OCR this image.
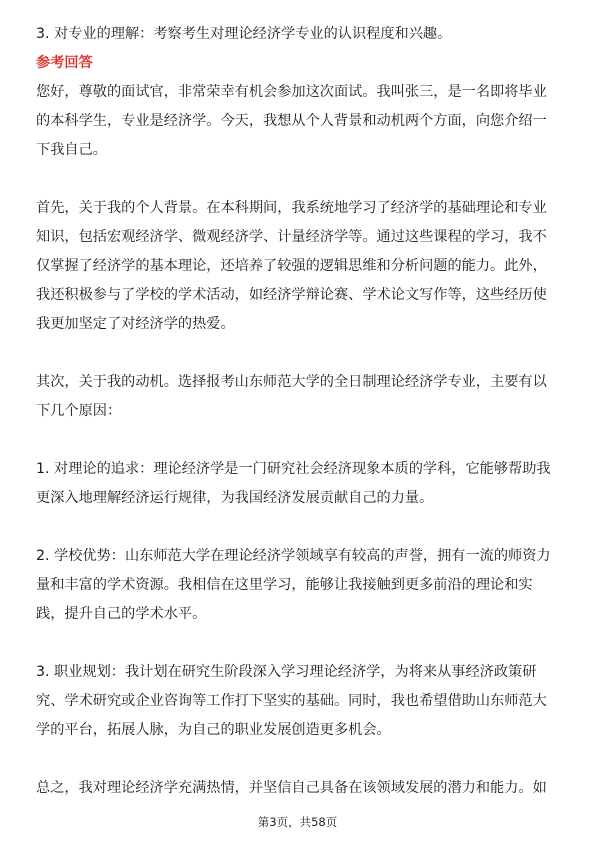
3. 对专业的理解：考察考生对理论经济学专业的认识程度和兴趣。

参考回答

您好，尊敬的面试官，非常荣幸有机会参加这次面试。我叫张三，是一名即将毕业

的本科学生，专业是经济学。今天，我想从个人背景和动机两个方面，向您介绍一

下我自己。

首先，关于我的个人背景。在本科期间，我系统地学习了经济学的基础理论和专业

知识，包括宏观经济学、微观经济学、计量经济学等。通过这些课程的学习，我不

仅掌握了经济学的基本理论，还培养了较强的逻辑思维和分析问题的能力。此外，

我还积极参与了学校的学术活动，如经济学辩论赛、学术论文写作等，这些经历使

我更加坚定了对经济学的热爱。

其次，关于我的动机。选择报考山东师范大学的全日制理论经济学专业，主要有以

下几个原因：

1. 对理论的追求：理论经济学是一门研究社会经济现象本质的学科，它能够帮助我

更深入地理解经济运行规律，为我国经济发展贡献自己的力量。

2. 学校优势：山东师范大学在理论经济学领域享有较高的声誉，拥有一流的师资力

量和丰富的学术资源。我相信在这里学习，能够让我接触到更多前沿的理论和实

践，提升自己的学术水平。

3. 职业规划：我计划在研究生阶段深入学习理论经济学，为将来从事经济政策研

究、学术研究或企业咨询等工作打下坚实的基础。同时，我也希望借助山东师范大

学的平台，拓展人脉，为自己的职业发展创造更多机会。

总之，我对理论经济学充满热情，并坚信自己具备在该领域发展的潜力和能力。如

第3页，共58页
